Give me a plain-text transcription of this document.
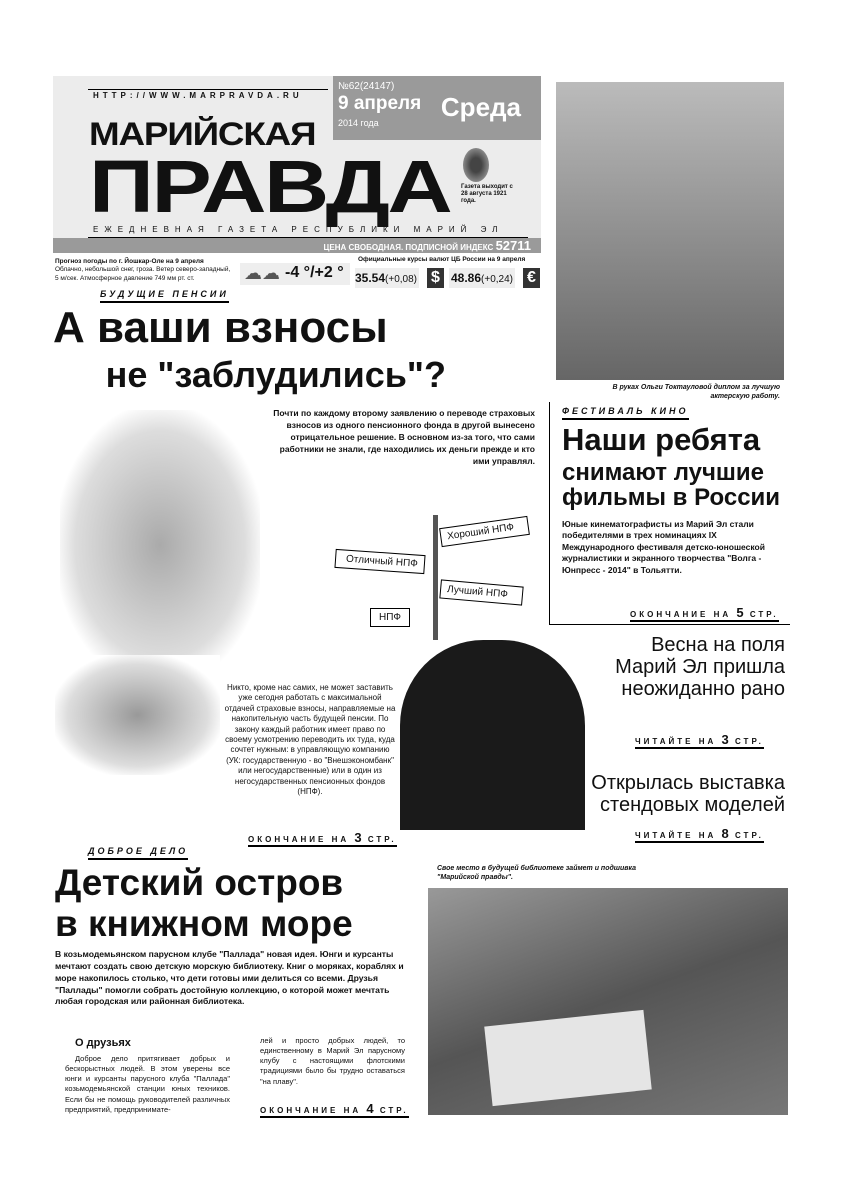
HTTP://WWW.MARPRAVDA.RU
МАРИЙСКАЯ
ПРАВДА
№62(24147)
9 апреля
2014 года
Среда
Газета выходит с 28 августа 1921 года.
ЕЖЕДНЕВНАЯ ГАЗЕТА РЕСПУБЛИКИ МАРИЙ ЭЛ
ЦЕНА СВОБОДНАЯ. ПОДПИСНОЙ ИНДЕКС 52711
Прогноз погоды по г. Йошкар-Оле на 9 апреля
Облачно, небольшой снег, гроза. Ветер северо-западный, 5 м/сек. Атмосферное давление 749 мм рт. ст.	☁☁ -4 °/+2 °
Официальные курсы валют ЦБ России на 9 апреля
35.54(+0,08) $ 48.86(+0,24) €
В руках Ольги Токтауловой диплом за лучшую актерскую работу.
ФЕСТИВАЛЬ КИНО
Наши ребята
снимают лучшие фильмы в России
Юные кинематографисты из Марий Эл стали победителями в трех номинациях IX Международного фестиваля детско-юношеской журналистики и экранного творчества "Волга - Юнпресс - 2014" в Тольятти.
ОКОНЧАНИЕ НА 5 СТР.
БУДУЩИЕ ПЕНСИИ
А ваши взносы
не "заблудились"?
Почти по каждому второму заявлению о переводе страховых взносов из одного пенсионного фонда в другой вынесено отрицательное решение. В основном из-за того, что сами работники не знали, где находились их деньги прежде и кто ими управлял.
Хороший НПФ
Отличный НПФ
Лучший НПФ
НПФ
Никто, кроме нас самих, не может заставить уже сегодня работать с максимальной отдачей страховые взносы, направляемые на накопительную часть будущей пенсии. По закону каждый работник имеет право по своему усмотрению переводить их туда, куда сочтет нужным: в управляющую компанию (УК: государственную - во "Внешэкономбанк" или негосударственные) или в один из негосударственных пенсионных фондов (НПФ).
ОКОНЧАНИЕ НА 3 СТР.
Весна на поля Марий Эл пришла неожиданно рано
ЧИТАЙТЕ НА 3 СТР.
Открылась выставка стендовых моделей
ЧИТАЙТЕ НА 8 СТР.
ДОБРОЕ ДЕЛО
Детский остров
в книжном море
В козьмодемьянском парусном клубе "Паллада" новая идея. Юнги и курсанты мечтают создать свою детскую морскую библиотеку. Книг о моряках, кораблях и море накопилось столько, что дети готовы ими делиться со всеми. Друзья "Паллады" помогли собрать достойную коллекцию, о которой может мечтать любая городская или районная библиотека.
О друзьях
Доброе дело притягивает добрых и бескорыстных людей. В этом уверены все юнги и курсанты парусного клуба "Паллада" козьмодемьянской станции юных техников. Если бы не помощь руководителей различных предприятий, предпринимате-
лей и просто добрых людей, то единственному в Марий Эл парусному клубу с настоящими флотскими традициями было бы трудно оставаться "на плаву".
ОКОНЧАНИЕ НА 4 СТР.
Свое место в будущей библиотеке займет и подшивка "Марийской правды".
